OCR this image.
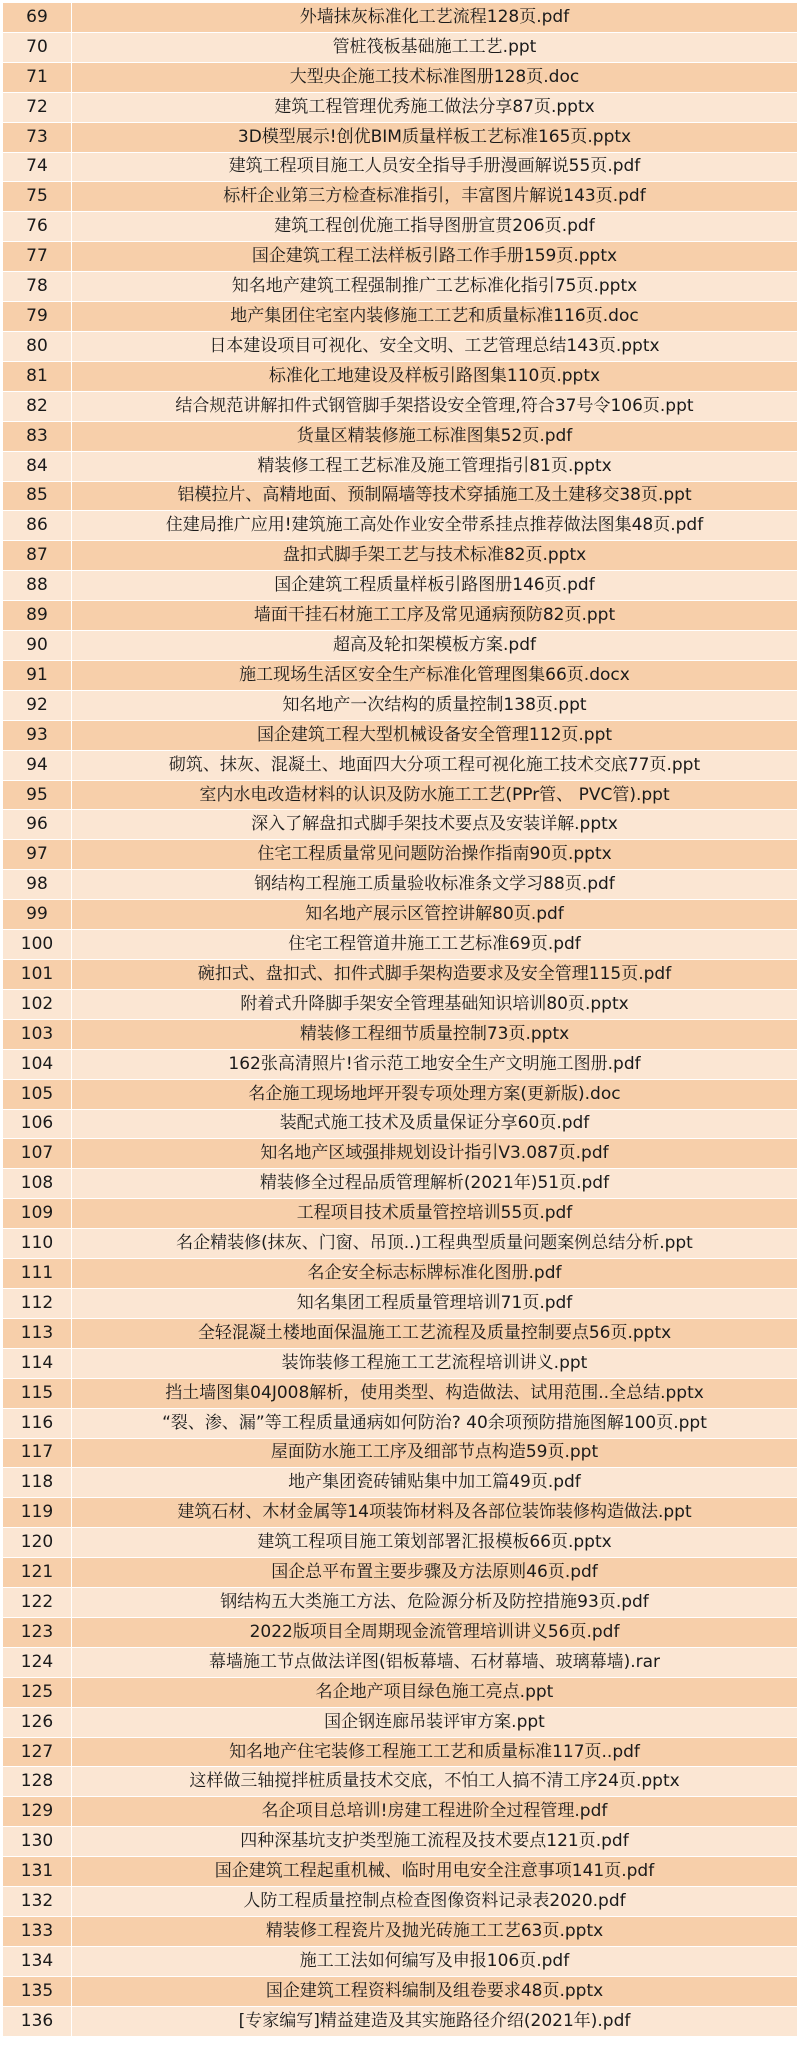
69	外墙抹灰标准化工艺流程128页.pdf
70	管桩筏板基础施工工艺.ppt
71	大型央企施工技术标准图册128页.doc
72	建筑工程管理优秀施工做法分享87页.pptx
73	3D模型展示!创优BIM质量样板工艺标准165页.pptx
74	建筑工程项目施工人员安全指导手册漫画解说55页.pdf
75	标杆企业第三方检查标准指引，丰富图片解说143页.pdf
76	建筑工程创优施工指导图册宣贯206页.pdf
77	国企建筑工程工法样板引路工作手册159页.pptx
78	知名地产建筑工程强制推广工艺标准化指引75页.pptx
79	地产集团住宅室内装修施工工艺和质量标准116页.doc
80	日本建设项目可视化、安全文明、工艺管理总结143页.pptx
81	标准化工地建设及样板引路图集110页.pptx
82	结合规范讲解扣件式钢管脚手架搭设安全管理,符合37号令106页.ppt
83	货量区精装修施工标准图集52页.pdf
84	精装修工程工艺标准及施工管理指引81页.pptx
85	铝模拉片、高精地面、预制隔墙等技术穿插施工及土建移交38页.ppt
86	住建局推广应用!建筑施工高处作业安全带系挂点推荐做法图集48页.pdf
87	盘扣式脚手架工艺与技术标准82页.pptx
88	国企建筑工程质量样板引路图册146页.pdf
89	墙面干挂石材施工工序及常见通病预防82页.ppt
90	超高及轮扣架模板方案.pdf
91	施工现场生活区安全生产标准化管理图集66页.docx
92	知名地产一次结构的质量控制138页.ppt
93	国企建筑工程大型机械设备安全管理112页.ppt
94	砌筑、抹灰、混凝土、地面四大分项工程可视化施工技术交底77页.ppt
95	室内水电改造材料的认识及防水施工工艺(PPr管、 PVC管).ppt
96	深入了解盘扣式脚手架技术要点及安装详解.pptx
97	住宅工程质量常见问题防治操作指南90页.pptx
98	钢结构工程施工质量验收标准条文学习88页.pdf
99	知名地产展示区管控讲解80页.pdf
100	住宅工程管道井施工工艺标准69页.pdf
101	碗扣式、盘扣式、扣件式脚手架构造要求及安全管理115页.pdf
102	附着式升降脚手架安全管理基础知识培训80页.pptx
103	精装修工程细节质量控制73页.pptx
104	162张高清照片!省示范工地安全生产文明施工图册.pdf
105	名企施工现场地坪开裂专项处理方案(更新版).doc
106	装配式施工技术及质量保证分享60页.pdf
107	知名地产区域强排规划设计指引V3.087页.pdf
108	精装修全过程品质管理解析(2021年)51页.pdf
109	工程项目技术质量管控培训55页.pdf
110	名企精装修(抹灰、门窗、吊顶..)工程典型质量问题案例总结分析.ppt
111	名企安全标志标牌标准化图册.pdf
112	知名集团工程质量管理培训71页.pdf
113	全轻混凝土楼地面保温施工工艺流程及质量控制要点56页.pptx
114	装饰装修工程施工工艺流程培训讲义.ppt
115	挡土墙图集04J008解析，使用类型、构造做法、试用范围..全总结.pptx
116	“裂、渗、漏”等工程质量通病如何防治? 40余项预防措施图解100页.ppt
117	屋面防水施工工序及细部节点构造59页.ppt
118	地产集团瓷砖铺贴集中加工篇49页.pdf
119	建筑石材、木材金属等14项装饰材料及各部位装饰装修构造做法.ppt
120	建筑工程项目施工策划部署汇报模板66页.pptx
121	国企总平布置主要步骤及方法原则46页.pdf
122	钢结构五大类施工方法、危险源分析及防控措施93页.pdf
123	2022版项目全周期现金流管理培训讲义56页.pdf
124	幕墙施工节点做法详图(铝板幕墙、石材幕墙、玻璃幕墙).rar
125	名企地产项目绿色施工亮点.ppt
126	国企钢连廊吊装评审方案.ppt
127	知名地产住宅装修工程施工工艺和质量标准117页..pdf
128	这样做三轴搅拌桩质量技术交底，不怕工人搞不清工序24页.pptx
129	名企项目总培训!房建工程进阶全过程管理.pdf
130	四种深基坑支护类型施工流程及技术要点121页.pdf
131	国企建筑工程起重机械、临时用电安全注意事项141页.pdf
132	人防工程质量控制点检查图像资料记录表2020.pdf
133	精装修工程瓷片及抛光砖施工工艺63页.pptx
134	施工工法如何编写及申报106页.pdf
135	国企建筑工程资料编制及组卷要求48页.pptx
136	[专家编写]精益建造及其实施路径介绍(2021年).pdf
